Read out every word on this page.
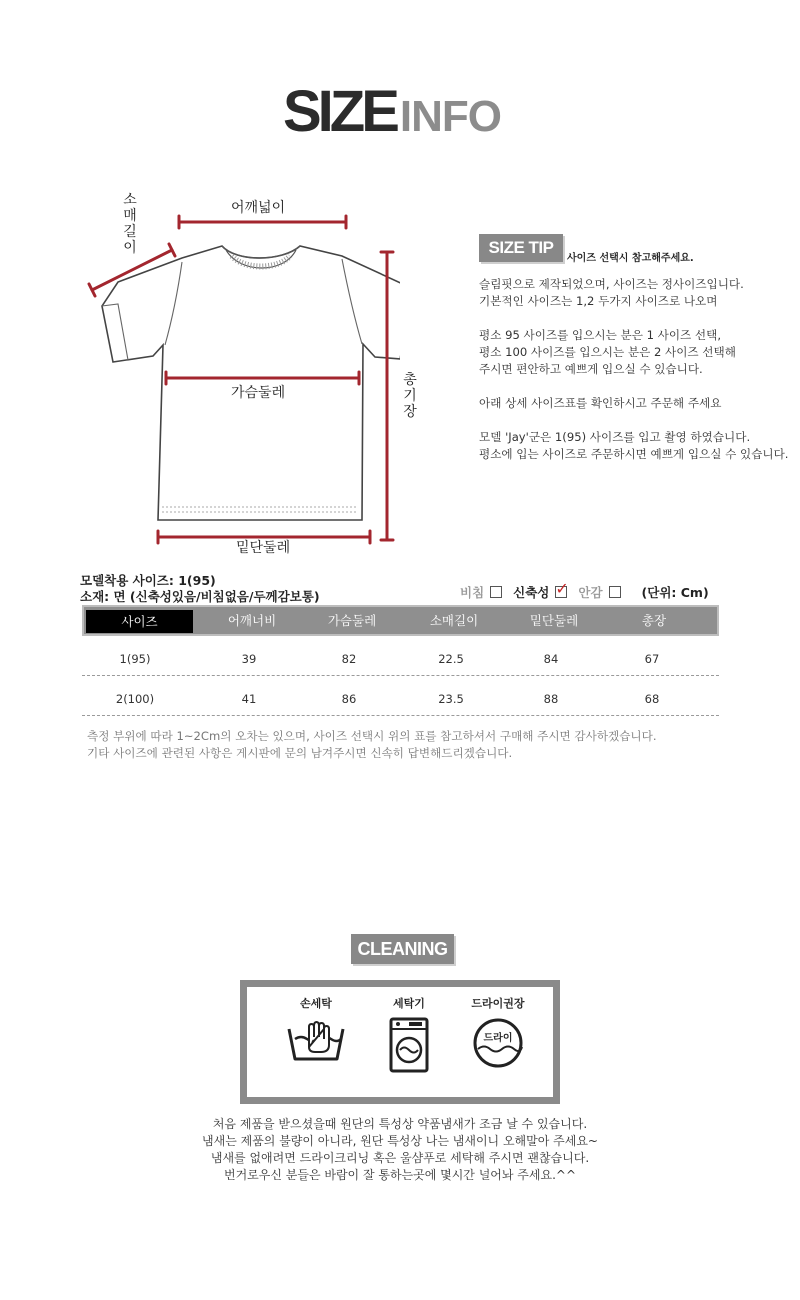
SIZEINFO
어깨넓이
소매길이
가슴둘레
총기장
밑단둘레
SIZE TIP
사이즈 선택시 참고해주세요.

슬림핏으로 제작되었으며, 사이즈는 정사이즈입니다.

기본적인 사이즈는 1,2 두가지 사이즈로 나오며

평소 95 사이즈를 입으시는 분은 1 사이즈 선택,

평소 100 사이즈를 입으시는 분은 2 사이즈 선택해

주시면 편안하고 예쁘게 입으실 수 있습니다.

아래 상세 사이즈표를 확인하시고 주문해 주세요

모델 'Jay'군은 1(95) 사이즈를 입고 촬영 하였습니다.

평소에 입는 사이즈로 주문하시면 예쁘게 입으실 수 있습니다.

모델착용 사이즈: 1(95)
소재: 면 (신축성있음/비침없음/두께감보통)	비침 신축성 ✓ 안감	(단위: Cm)
사이즈	어깨너비	가슴둘레	소매길이	밑단둘레	총장
1(95)	39	82	22.5	84	67
2(100)	41	86	23.5	88	68
측정 부위에 따라 1~2Cm의 오차는 있으며, 사이즈 선택시 위의 표를 참고하셔서 구매해 주시면 감사하겠습니다.
기타 사이즈에 관련된 사항은 게시판에 문의 남겨주시면 신속히 답변해드리겠습니다.
CLEANING
손세탁	세탁기	드라이권장
드라이
처음 제품을 받으셨을때 원단의 특성상 약품냄새가 조금 날 수 있습니다.
냄새는 제품의 불량이 아니라, 원단 특성상 나는 냄새이니 오해말아 주세요~
냄새를 없애려면 드라이크리닝 혹은 울샴푸로 세탁해 주시면 괜찮습니다.
번거로우신 분들은 바람이 잘 통하는곳에 몇시간 널어놔 주세요.^^
